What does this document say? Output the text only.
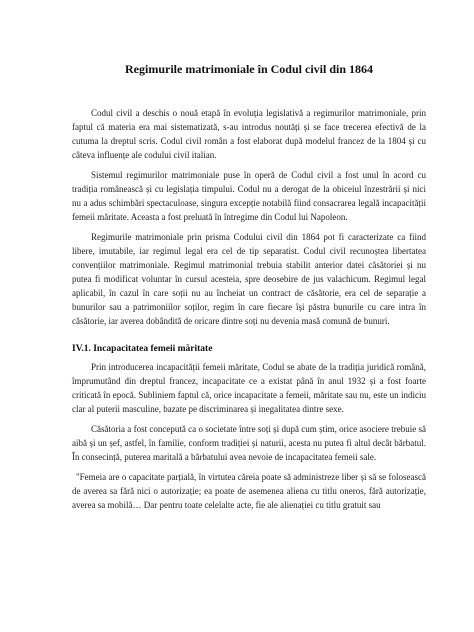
Regimurile matrimoniale în Codul civil din 1864

Codul civil a deschis o nouă etapă în evoluția legislativă a regimurilor matrimoniale, prin faptul că materia era mai sistematizată, s-au introdus noutăți și se face trecerea efectivă de la cutuma la dreptul scris. Codul civil român a fost elaborat după modelul francez de la 1804 și cu câteva influențe ale codului civil italian.

Sistemul regimurilor matrimoniale puse în operă de Codul civil a fost unul în acord cu tradiția românească și cu legislația timpului. Codul nu a derogat de la obiceiul înzestrării și nici nu a adus schimbări spectaculoase, singura excepție notabilă fiind consacrarea legală incapacității femeii măritate. Aceasta a fost preluată în întregime din Codul lui Napoleon.

Regimurile matrimoniale prin prisma Codului civil din 1864 pot fi caracterizate ca fiind libere, imutabile, iar regimul legal era cel de tip separatist. Codul civil recunoștea libertatea convențiilor matrimoniale. Regimul matrimonial trebuia stabilit anterior datei căsătoriei și nu putea fi modificat voluntar în cursul acesteia, spre deosebire de jus valachicum. Regimul legal aplicabil, în cazul în care soții nu au încheiat un contract de căsătorie, era cel de separație a bunurilor sau a patrimoniilor soților, regim în care fiecare își păstra bunurile cu care intra în căsătorie, iar averea dobândită de oricare dintre soți nu devenia masă comună de bunuri.

IV.1. Incapacitatea femeii măritate

Prin introducerea incapacității femeii măritate, Codul se abate de la tradiția juridică română, împrumutând din dreptul francez, incapacitate ce a existat până în anul 1932 și a fost foarte criticată în epocă. Subliniem faptul că, orice incapacitate a femeii, măritate sau nu, este un indiciu clar al puterii masculine, bazate pe discriminarea și inegalitatea dintre sexe.

Căsătoria a fost concepută ca o societate între soți și după cum știm, orice asociere trebuie să aibă și un șef, astfel, în familie, conform tradiției și naturii, acesta nu putea fi altul decât bărbatul. În consecință, puterea maritală a bărbatului avea nevoie de incapacitatea femeii sale.

"Femeia are o capacitate parțială, în virtutea căreia poate să administreze liber și să se folosească de averea sa fără nici o autorizație; ea poate de asemenea aliena cu titlu oneros, fără autorizație, averea sa mobilă… Dar pentru toate celelalte acte, fie ale alienației cu titlu gratuit sau
